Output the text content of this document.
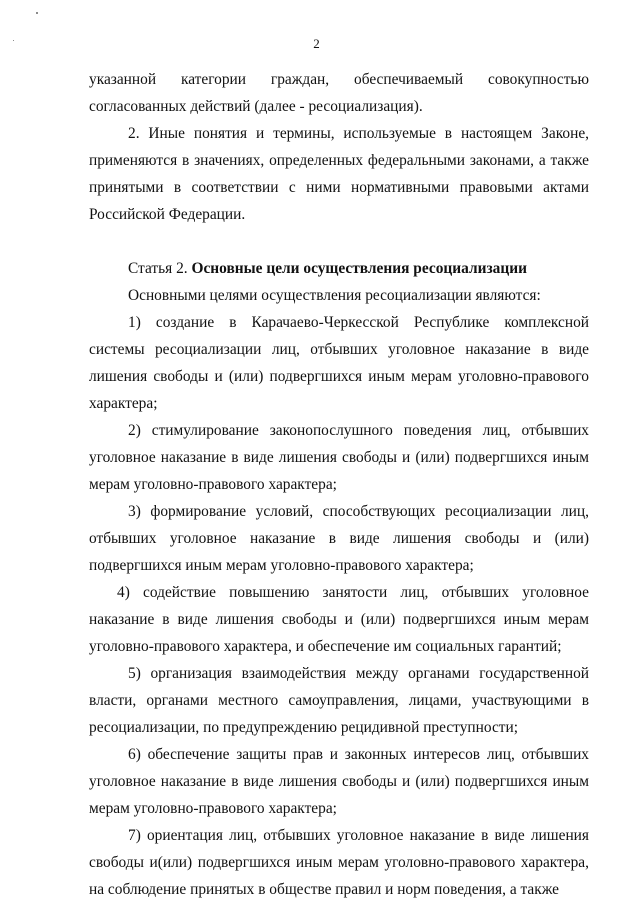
2
указанной категории граждан, обеспечиваемый совокупностью

согласованных действий (далее - ресоциализация).

2. Иные понятия и термины, используемые в настоящем Законе, применяются в значениях, определенных федеральными законами, а также принятыми в соответствии с ними нормативными правовыми актами Российской Федерации.

Статья 2. Основные цели осуществления ресоциализации

Основными целями осуществления ресоциализации являются:

1) создание в Карачаево-Черкесской Республике комплексной системы ресоциализации лиц, отбывших уголовное наказание в виде лишения свободы и (или) подвергшихся иным мерам уголовно-правового характера;

2) стимулирование законопослушного поведения лиц, отбывших уголовное наказание в виде лишения свободы и (или) подвергшихся иным мерам уголовно-правового характера;

3) формирование условий, способствующих ресоциализации лиц, отбывших уголовное наказание в виде лишения свободы и (или) подвергшихся иным мерам уголовно-правового характера;

4) содействие повышению занятости лиц, отбывших уголовное наказание в виде лишения свободы и (или) подвергшихся иным мерам уголовно-правового характера, и обеспечение им социальных гарантий;

5) организация взаимодействия между органами государственной власти, органами местного самоуправления, лицами, участвующими в ресоциализации, по предупреждению рецидивной преступности;

6) обеспечение защиты прав и законных интересов лиц, отбывших уголовное наказание в виде лишения свободы и (или) подвергшихся иным мерам уголовно-правового характера;

7) ориентация лиц, отбывших уголовное наказание в виде лишения свободы и(или) подвергшихся иным мерам уголовно-правового характера, на соблюдение принятых в обществе правил и норм поведения, а также
